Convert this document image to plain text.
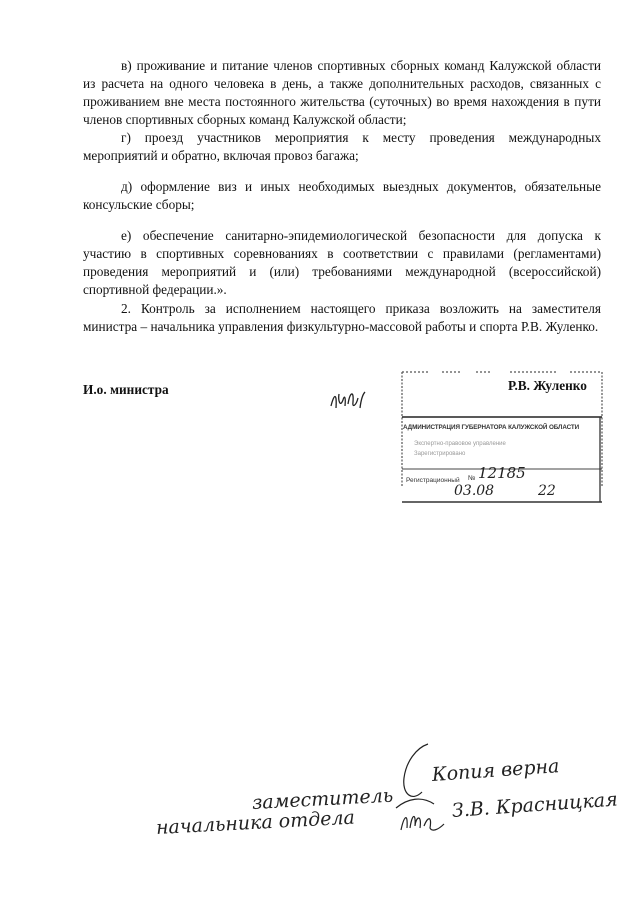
в) проживание и питание членов спортивных сборных команд Калужской области из расчета на одного человека в день, а также дополнительных расходов, связанных с проживанием вне места постоянного жительства (суточных) во время нахождения в пути членов спортивных сборных команд Калужской области;

г) проезд участников мероприятия к месту проведения международных мероприятий и обратно, включая провоз багажа;

д) оформление виз и иных необходимых выездных документов, обязательные консульские сборы;

е) обеспечение санитарно-эпидемиологической безопасности для допуска к участию в спортивных соревнованиях в соответствии с правилами (регламентами) проведения мероприятий и (или) требованиями международной (всероссийской) спортивной федерации.».

2. Контроль за исполнением настоящего приказа возложить на заместителя министра – начальника управления физкультурно-массовой работы и спорта Р.В. Жуленко.

И.о. министра	Р.В. Жуленко
АДМИНИСТРАЦИЯ ГУБЕРНАТОРА КАЛУЖСКОЙ ОБЛАСТИ
Экспертно-правовое управление
Зарегистрировано
Регистрационный № 12185
03.08	22
Копия верна
заместитель
начальника отдела
З.В. Красницкая
